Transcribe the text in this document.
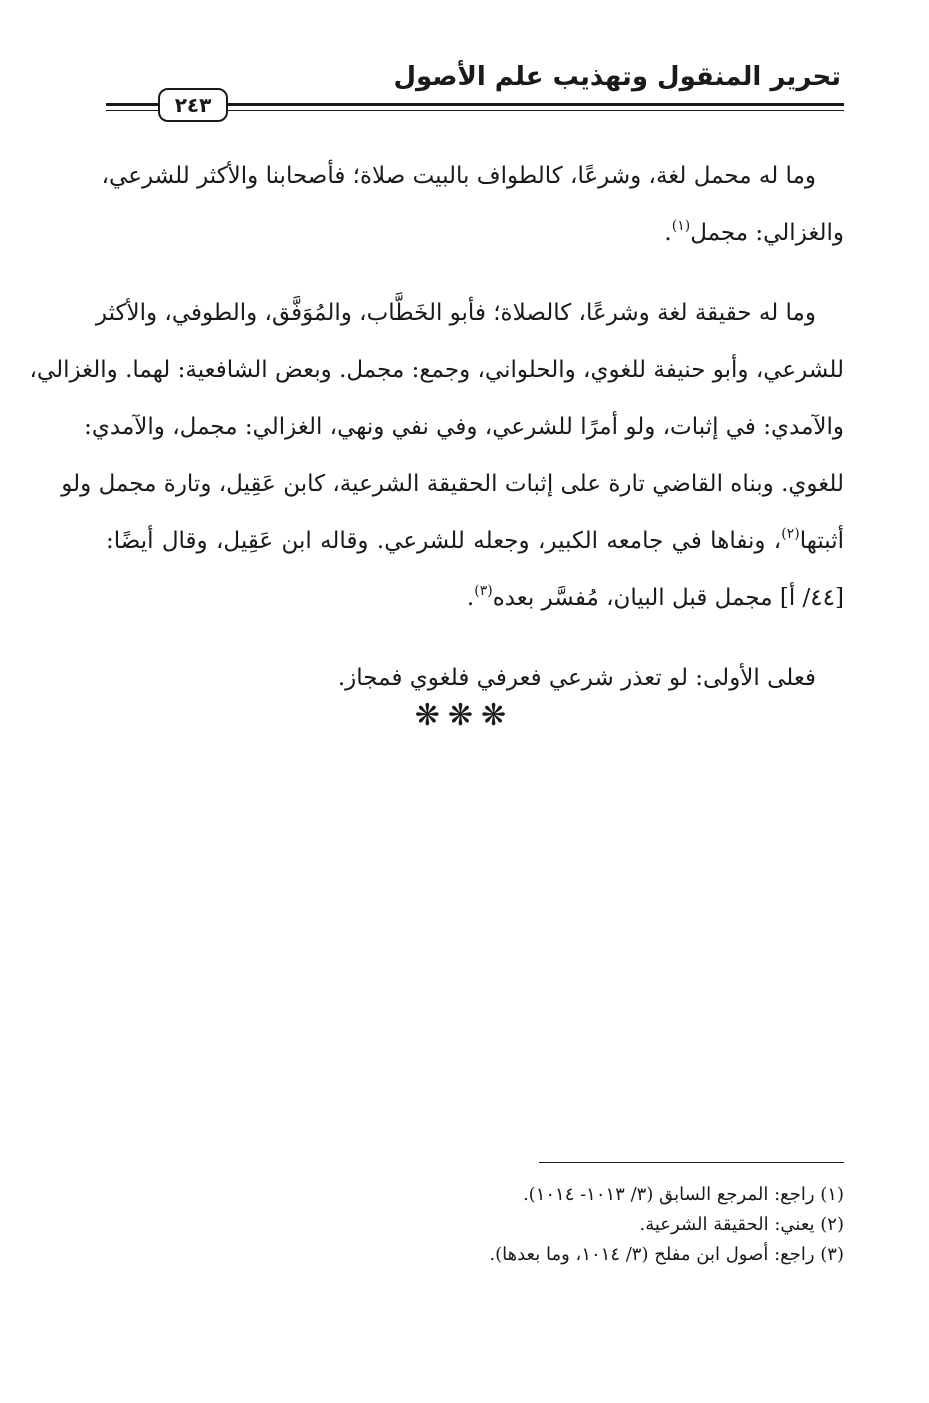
تحرير المنقول وتهذيب علم الأصول
٢٤٣

وما له محمل لغة، وشرعًا، كالطواف بالبيت صلاة؛ فأصحابنا والأكثر للشرعي،
والغزالي: مجمل$^{(١)}$.

وما له حقيقة لغة وشرعًا، كالصلاة؛ فأبو الخَطَّاب، والمُوَفَّق، والطوفي، والأكثر
للشرعي، وأبو حنيفة للغوي، والحلواني، وجمع: مجمل. وبعض الشافعية: لهما. والغزالي،
والآمدي: في إثبات، ولو أمرًا للشرعي، وفي نفي ونهي، الغزالي: مجمل، والآمدي:
للغوي. وبناه القاضي تارة على إثبات الحقيقة الشرعية، كابن عَقِيل، وتارة مجمل ولو
أثبتها$^{(٢)}$، ونفاها في جامعه الكبير، وجعله للشرعي. وقاله ابن عَقِيل، وقال أيضًا:
[٤٤/ أ] مجمل قبل البيان، مُفسَّر بعده$^{(٣)}$.

فعلى الأولى: لو تعذر شرعي فعرفي فلغوي فمجاز.

❋❋❋
(١) راجع: المرجع السابق (٣/ ١٠١٣- ١٠١٤).
(٢) يعني: الحقيقة الشرعية.
(٣) راجع: أصول ابن مفلح (٣/ ١٠١٤، وما بعدها).
